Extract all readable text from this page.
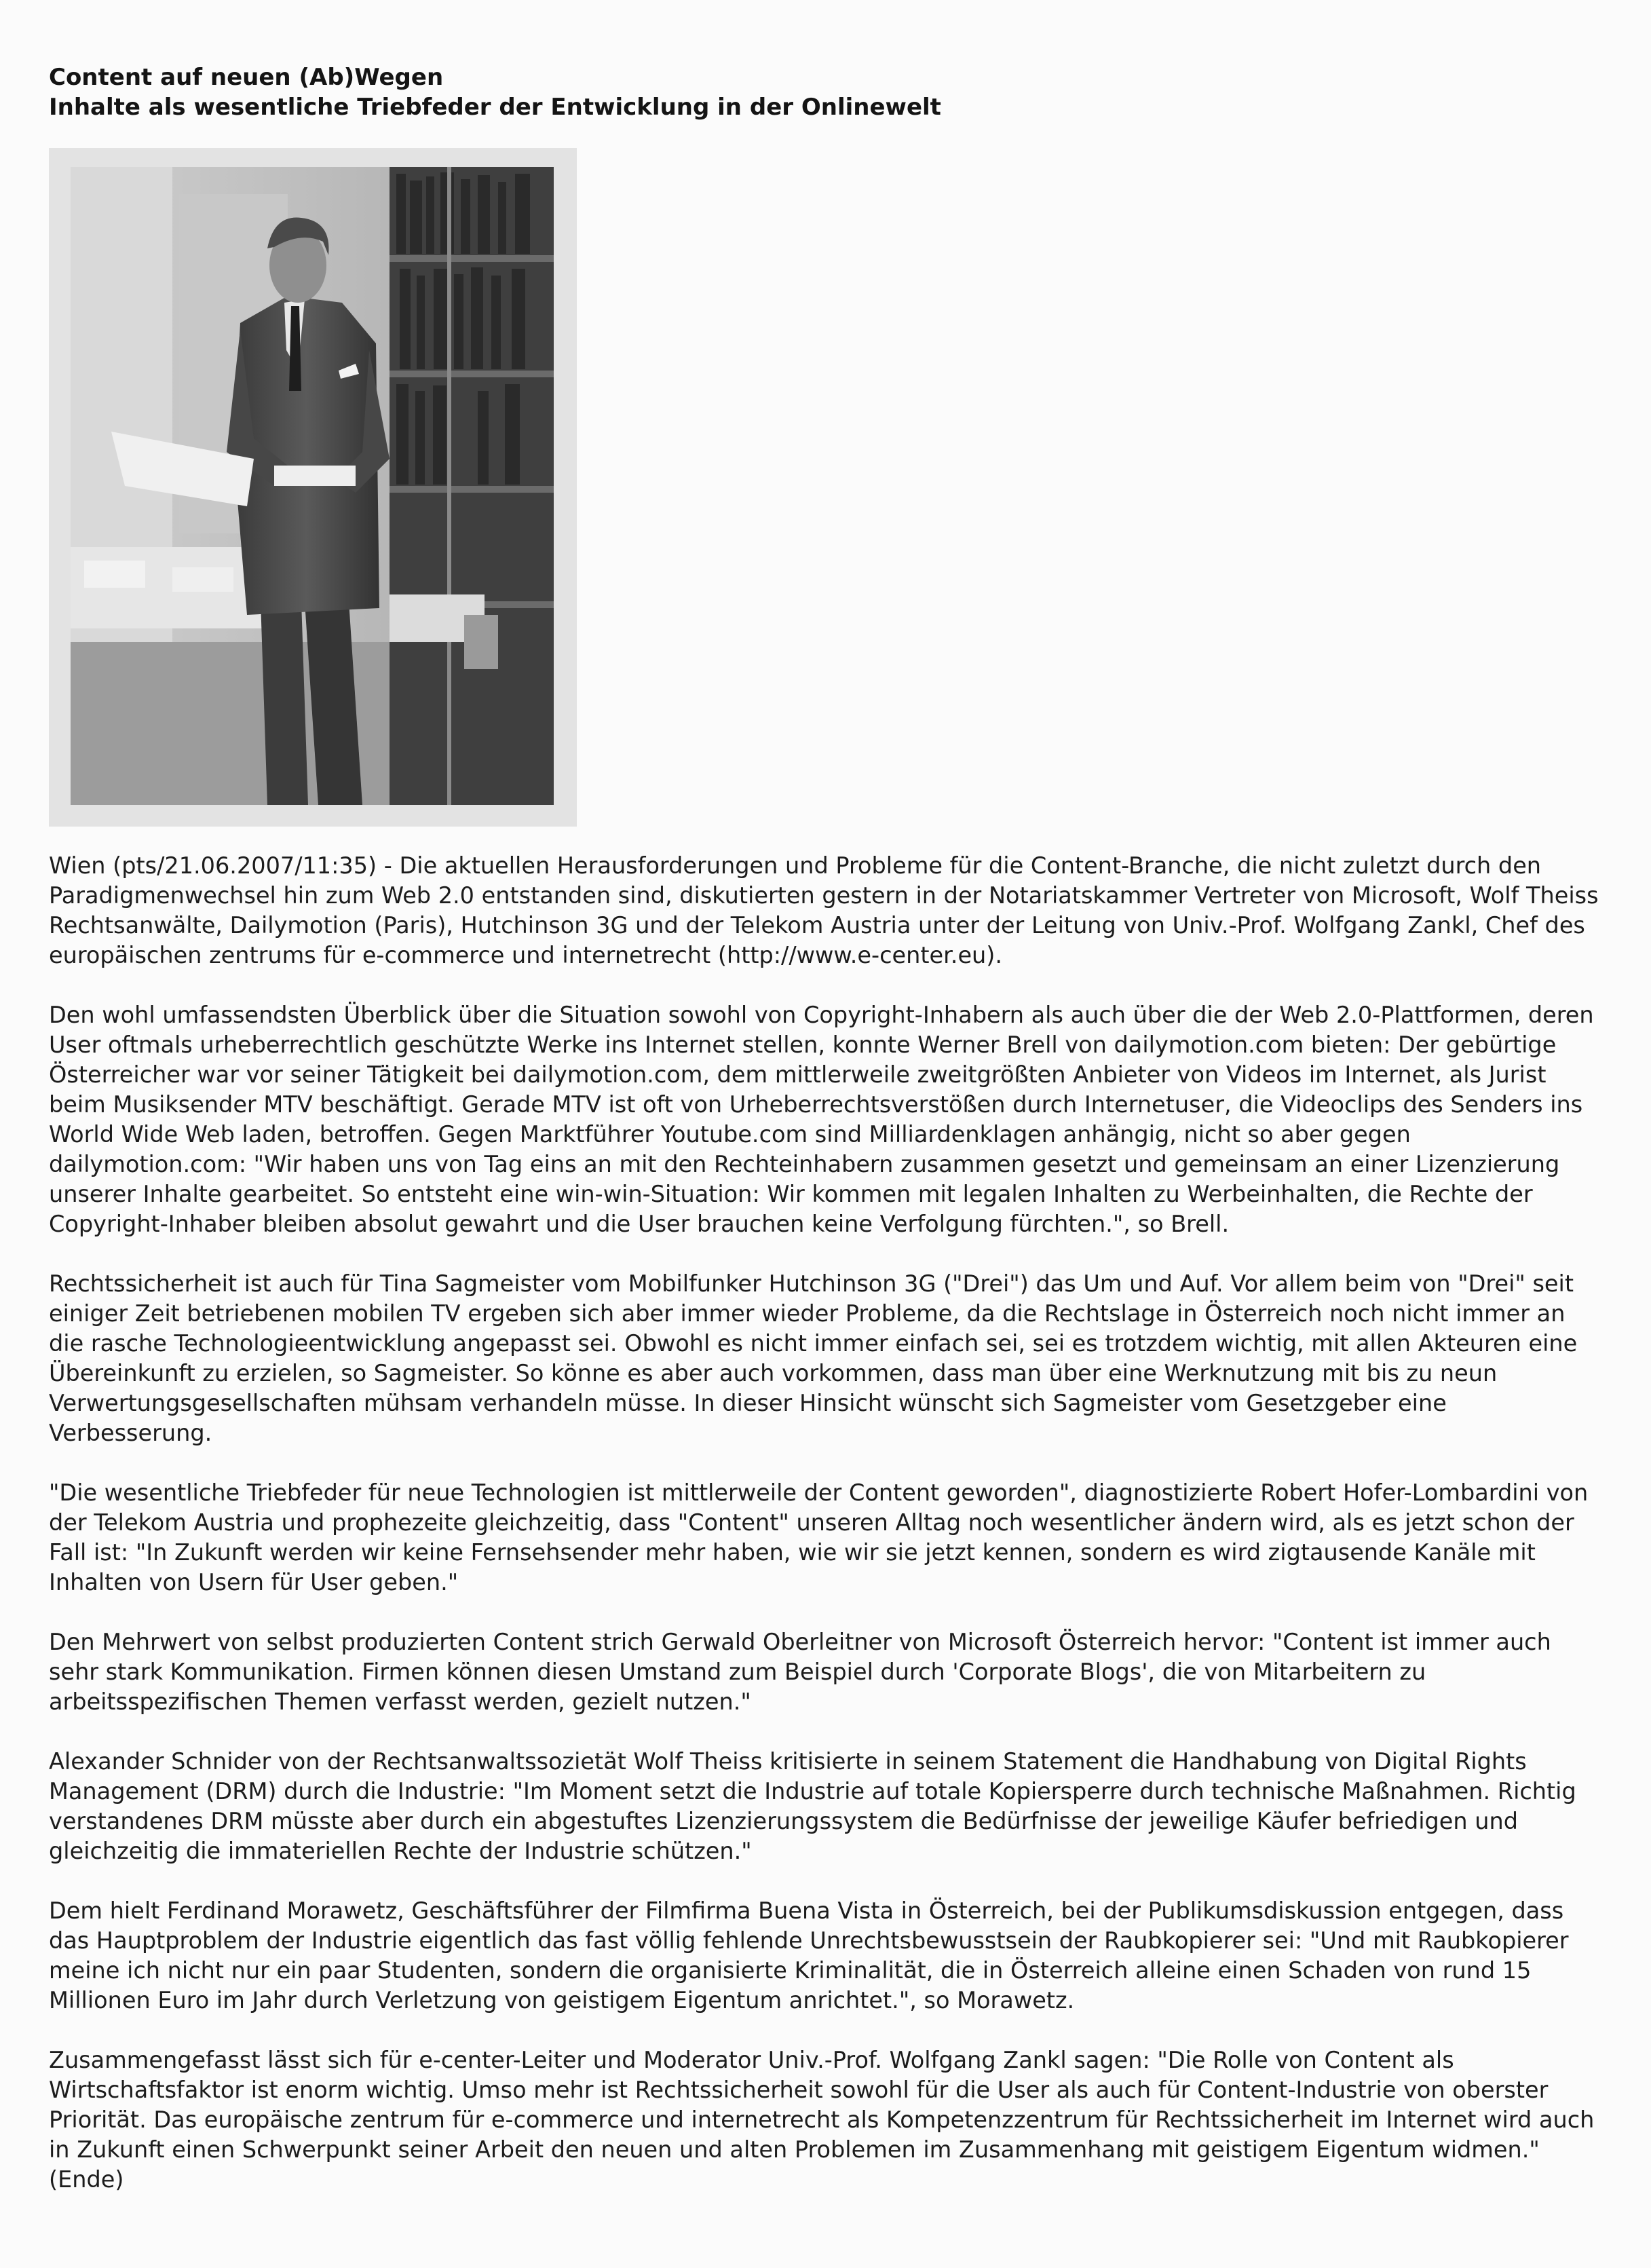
Content auf neuen (Ab)Wegen
Inhalte als wesentliche Triebfeder der Entwicklung in der Onlinewelt

Wien (pts/21.06.2007/11:35) - Die aktuellen Herausforderungen und Probleme für die Content-Branche, die nicht zuletzt durch den Paradigmenwechsel hin zum Web 2.0 entstanden sind, diskutierten gestern in der Notariatskammer Vertreter von Microsoft, Wolf Theiss Rechtsanwälte, Dailymotion (Paris), Hutchinson 3G und der Telekom Austria unter der Leitung von Univ.-Prof. Wolfgang Zankl, Chef des europäischen zentrums für e-commerce und internetrecht (http://www.e-center.eu).

Den wohl umfassendsten Überblick über die Situation sowohl von Copyright-Inhabern als auch über die der Web 2.0-Plattformen, deren User oftmals urheberrechtlich geschützte Werke ins Internet stellen, konnte Werner Brell von dailymotion.com bieten: Der gebürtige Österreicher war vor seiner Tätigkeit bei dailymotion.com, dem mittlerweile zweitgrößten Anbieter von Videos im Internet, als Jurist beim Musiksender MTV beschäftigt. Gerade MTV ist oft von Urheberrechtsverstößen durch Internetuser, die Videoclips des Senders ins World Wide Web laden, betroffen. Gegen Marktführer Youtube.com sind Milliardenklagen anhängig, nicht so aber gegen dailymotion.com: "Wir haben uns von Tag eins an mit den Rechteinhabern zusammen gesetzt und gemeinsam an einer Lizenzierung unserer Inhalte gearbeitet. So entsteht eine win-win-Situation: Wir kommen mit legalen Inhalten zu Werbeinhalten, die Rechte der Copyright-Inhaber bleiben absolut gewahrt und die User brauchen keine Verfolgung fürchten.", so Brell.

Rechtssicherheit ist auch für Tina Sagmeister vom Mobilfunker Hutchinson 3G ("Drei") das Um und Auf. Vor allem beim von "Drei" seit einiger Zeit betriebenen mobilen TV ergeben sich aber immer wieder Probleme, da die Rechtslage in Österreich noch nicht immer an die rasche Technologieentwicklung angepasst sei. Obwohl es nicht immer einfach sei, sei es trotzdem wichtig, mit allen Akteuren eine Übereinkunft zu erzielen, so Sagmeister. So könne es aber auch vorkommen, dass man über eine Werknutzung mit bis zu neun Verwertungsgesellschaften mühsam verhandeln müsse. In dieser Hinsicht wünscht sich Sagmeister vom Gesetzgeber eine Verbesserung.

"Die wesentliche Triebfeder für neue Technologien ist mittlerweile der Content geworden", diagnostizierte Robert Hofer-Lombardini von der Telekom Austria und prophezeite gleichzeitig, dass "Content" unseren Alltag noch wesentlicher ändern wird, als es jetzt schon der Fall ist: "In Zukunft werden wir keine Fernsehsender mehr haben, wie wir sie jetzt kennen, sondern es wird zigtausende Kanäle mit Inhalten von Usern für User geben."

Den Mehrwert von selbst produzierten Content strich Gerwald Oberleitner von Microsoft Österreich hervor: "Content ist immer auch sehr stark Kommunikation. Firmen können diesen Umstand zum Beispiel durch 'Corporate Blogs', die von Mitarbeitern zu arbeitsspezifischen Themen verfasst werden, gezielt nutzen."

Alexander Schnider von der Rechtsanwaltssozietät Wolf Theiss kritisierte in seinem Statement die Handhabung von Digital Rights Management (DRM) durch die Industrie: "Im Moment setzt die Industrie auf totale Kopiersperre durch technische Maßnahmen. Richtig verstandenes DRM müsste aber durch ein abgestuftes Lizenzierungssystem die Bedürfnisse der jeweilige Käufer befriedigen und gleichzeitig die immateriellen Rechte der Industrie schützen."

Dem hielt Ferdinand Morawetz, Geschäftsführer der Filmfirma Buena Vista in Österreich, bei der Publikumsdiskussion entgegen, dass das Hauptproblem der Industrie eigentlich das fast völlig fehlende Unrechtsbewusstsein der Raubkopierer sei: "Und mit Raubkopierer meine ich nicht nur ein paar Studenten, sondern die organisierte Kriminalität, die in Österreich alleine einen Schaden von rund 15 Millionen Euro im Jahr durch Verletzung von geistigem Eigentum anrichtet.", so Morawetz.

Zusammengefasst lässt sich für e-center-Leiter und Moderator Univ.-Prof. Wolfgang Zankl sagen: "Die Rolle von Content als Wirtschaftsfaktor ist enorm wichtig. Umso mehr ist Rechtssicherheit sowohl für die User als auch für Content-Industrie von oberster Priorität. Das europäische zentrum für e-commerce und internetrecht als Kompetenzzentrum für Rechtssicherheit im Internet wird auch in Zukunft einen Schwerpunkt seiner Arbeit den neuen und alten Problemen im Zusammenhang mit geistigem Eigentum widmen." (Ende)
